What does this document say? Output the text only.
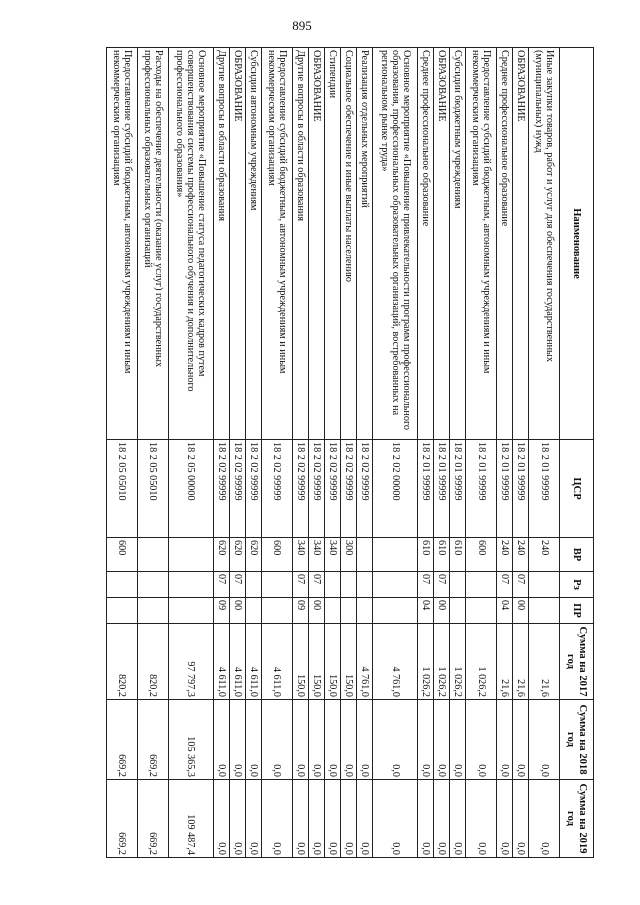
895
Наименование	ЦСР	ВР	Рз	ПР	Сумма на 2017 год	Сумма на 2018 год	Сумма на 2019 год
Иные закупки товаров, работ и услуг для обеспечения государственных (муниципальных) нужд	18 2 01 99999	240			21,6	0,0	0,0
ОБРАЗОВАНИЕ	18 2 01 99999	240	07	00	21,6	0,0	0,0
Среднее профессиональное образование	18 2 01 99999	240	07	04	21,6	0,0	0,0
Предоставление субсидий бюджетным, автономным учреждениям и иным некоммерческим организациям	18 2 01 99999	600			1 026,2	0,0	0,0
Субсидии бюджетным учреждениям	18 2 01 99999	610			1 026,2	0,0	0,0
ОБРАЗОВАНИЕ	18 2 01 99999	610	07	00	1 026,2	0,0	0,0
Среднее профессиональное образование	18 2 01 99999	610	07	04	1 026,2	0,0	0,0
Основное мероприятие «Повышение привлекательности программ профессионального образования, профессиональных образовательных организаций, востребованных на региональном рынке труда»	18 2 02 00000				4 761,0	0,0	0,0
Реализация отдельных мероприятий	18 2 02 99999				4 761,0	0,0	0,0
Социальное обеспечение и иные выплаты населению	18 2 02 99999	300			150,0	0,0	0,0
Стипендии	18 2 02 99999	340			150,0	0,0	0,0
ОБРАЗОВАНИЕ	18 2 02 99999	340	07	00	150,0	0,0	0,0
Другие вопросы в области образования	18 2 02 99999	340	07	09	150,0	0,0	0,0
Предоставление субсидий бюджетным, автономным учреждениям и иным некоммерческим организациям	18 2 02 99999	600			4 611,0	0,0	0,0
Субсидии автономным учреждениям	18 2 02 99999	620			4 611,0	0,0	0,0
ОБРАЗОВАНИЕ	18 2 02 99999	620	07	00	4 611,0	0,0	0,0
Другие вопросы в области образования	18 2 02 99999	620	07	09	4 611,0	0,0	0,0
Основное мероприятие «Повышение статуса педагогических кадров путем совершенствования системы профессионального обучения и дополнительного профессионального образования»	18 2 05 00000				97 797,3	105 365,3	109 487,4
Расходы на обеспечение деятельности (оказание услуг) государственных профессиональных образовательных организаций	18 2 05 05010				820,2	669,2	669,2
Предоставление субсидий бюджетным, автономным учреждениям и иным некоммерческим организациям	18 2 05 05010	600			820,2	669,2	669,2
